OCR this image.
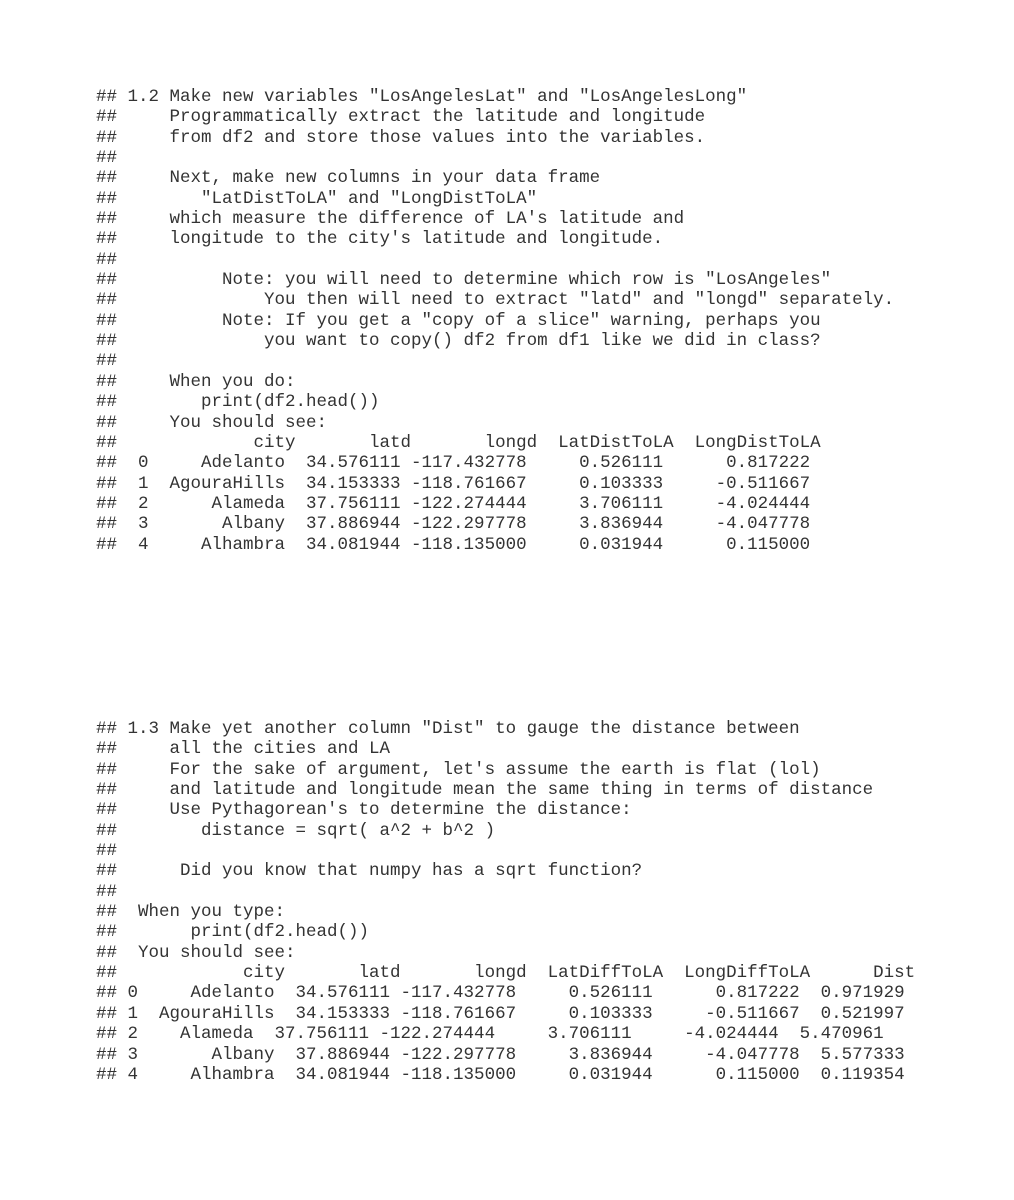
## 1.2 Make new variables "LosAngelesLat" and "LosAngelesLong"
##     Programmatically extract the latitude and longitude
##     from df2 and store those values into the variables.
##
##     Next, make new columns in your data frame
##        "LatDistToLA" and "LongDistToLA"
##     which measure the difference of LA's latitude and
##     longitude to the city's latitude and longitude.
##
##          Note: you will need to determine which row is "LosAngeles"
##              You then will need to extract "latd" and "longd" separately.
##          Note: If you get a "copy of a slice" warning, perhaps you
##              you want to copy() df2 from df1 like we did in class?
##
##     When you do:
##        print(df2.head())
##     You should see:
##             city       latd       longd  LatDistToLA  LongDistToLA
##  0     Adelanto  34.576111 -117.432778     0.526111      0.817222
##  1  AgouraHills  34.153333 -118.761667     0.103333     -0.511667
##  2      Alameda  37.756111 -122.274444     3.706111     -4.024444
##  3       Albany  37.886944 -122.297778     3.836944     -4.047778
##  4     Alhambra  34.081944 -118.135000     0.031944      0.115000
## 1.3 Make yet another column "Dist" to gauge the distance between
##     all the cities and LA
##     For the sake of argument, let's assume the earth is flat (lol)
##     and latitude and longitude mean the same thing in terms of distance
##     Use Pythagorean's to determine the distance:
##        distance = sqrt( a^2 + b^2 )
##
##      Did you know that numpy has a sqrt function?
##
##  When you type:
##       print(df2.head())
##  You should see:
##            city       latd       longd  LatDiffToLA  LongDiffToLA      Dist
## 0     Adelanto  34.576111 -117.432778     0.526111      0.817222  0.971929
## 1  AgouraHills  34.153333 -118.761667     0.103333     -0.511667  0.521997
## 2    Alameda  37.756111 -122.274444     3.706111     -4.024444  5.470961
## 3       Albany  37.886944 -122.297778     3.836944     -4.047778  5.577333
## 4     Alhambra  34.081944 -118.135000     0.031944      0.115000  0.119354
